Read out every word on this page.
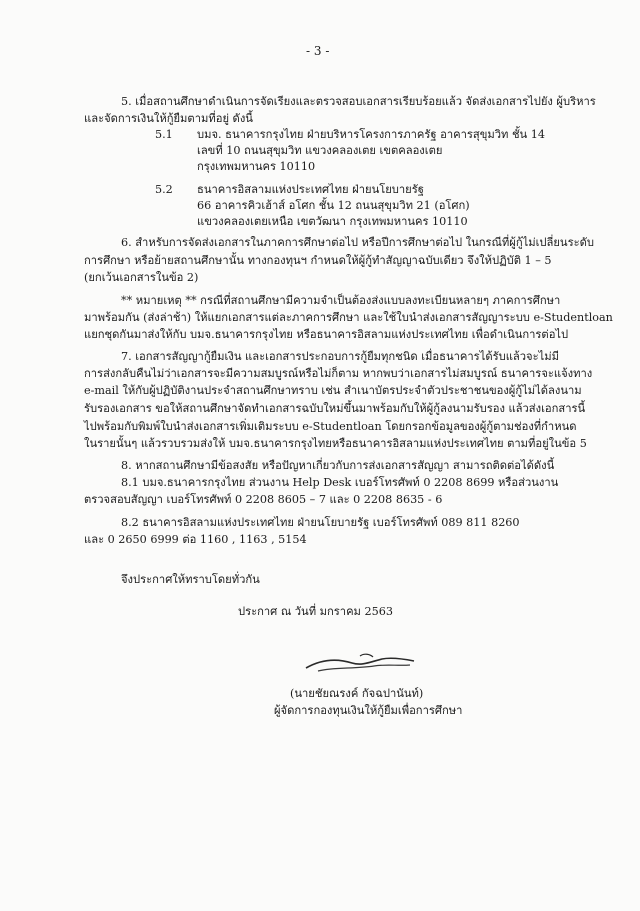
- 3 -
5. เมื่อสถานศึกษาดำเนินการจัดเรียงและตรวจสอบเอกสารเรียบร้อยแล้ว จัดส่งเอกสารไปยัง ผู้บริหาร
และจัดการเงินให้กู้ยืมตามที่อยู่ ดังนี้
5.1 บมจ. ธนาคารกรุงไทย ฝ่ายบริหารโครงการภาครัฐ อาคารสุขุมวิท ชั้น 14
เลขที่ 10 ถนนสุขุมวิท แขวงคลองเตย เขตคลองเตย
กรุงเทพมหานคร 10110
5.2 ธนาคารอิสลามแห่งประเทศไทย ฝ่ายนโยบายรัฐ
66 อาคารคิวเฮ้าส์ อโศก ชั้น 12 ถนนสุขุมวิท 21 (อโศก)
แขวงคลองเตยเหนือ เขตวัฒนา กรุงเทพมหานคร 10110
6. สำหรับการจัดส่งเอกสารในภาคการศึกษาต่อไป หรือปีการศึกษาต่อไป ในกรณีที่ผู้กู้ไม่เปลี่ยนระดับ
การศึกษา หรือย้ายสถานศึกษานั้น ทางกองทุนฯ กำหนดให้ผู้กู้ทำสัญญาฉบับเดียว จึงให้ปฏิบัติ 1 – 5
(ยกเว้นเอกสารในข้อ 2)
** หมายเหตุ ** กรณีที่สถานศึกษามีความจำเป็นต้องส่งแบบลงทะเบียนหลายๆ ภาคการศึกษา
มาพร้อมกัน (ส่งล่าช้า) ให้แยกเอกสารแต่ละภาคการศึกษา และใช้ใบนำส่งเอกสารสัญญาระบบ e-Studentloan
แยกชุดกันมาส่งให้กับ บมจ.ธนาคารกรุงไทย หรือธนาคารอิสลามแห่งประเทศไทย เพื่อดำเนินการต่อไป
7. เอกสารสัญญากู้ยืมเงิน และเอกสารประกอบการกู้ยืมทุกชนิด เมื่อธนาคารได้รับแล้วจะไม่มี
การส่งกลับคืนไม่ว่าเอกสารจะมีความสมบูรณ์หรือไม่ก็ตาม หากพบว่าเอกสารไม่สมบูรณ์ ธนาคารจะแจ้งทาง
e-mail ให้กับผู้ปฏิบัติงานประจำสถานศึกษาทราบ เช่น สำเนาบัตรประจำตัวประชาชนของผู้กู้ไม่ได้ลงนาม
รับรองเอกสาร ขอให้สถานศึกษาจัดทำเอกสารฉบับใหม่ขึ้นมาพร้อมกับให้ผู้กู้ลงนามรับรอง แล้วส่งเอกสารนี้
ไปพร้อมกับพิมพ์ใบนำส่งเอกสารเพิ่มเติมระบบ e-Studentloan โดยกรอกข้อมูลของผู้กู้ตามช่องที่กำหนด
ในรายนั้นๆ แล้วรวบรวมส่งให้ บมจ.ธนาคารกรุงไทยหรือธนาคารอิสลามแห่งประเทศไทย ตามที่อยู่ในข้อ 5
8. หากสถานศึกษามีข้อสงสัย หรือปัญหาเกี่ยวกับการส่งเอกสารสัญญา สามารถติดต่อได้ดังนี้
8.1 บมจ.ธนาคารกรุงไทย ส่วนงาน Help Desk เบอร์โทรศัพท์ 0 2208 8699 หรือส่วนงาน
ตรวจสอบสัญญา เบอร์โทรศัพท์ 0 2208 8605 – 7 และ 0 2208 8635 - 6
8.2 ธนาคารอิสลามแห่งประเทศไทย ฝ่ายนโยบายรัฐ เบอร์โทรศัพท์ 089 811 8260
และ 0 2650 6999 ต่อ 1160 , 1163 , 5154
จึงประกาศให้ทราบโดยทั่วกัน
ประกาศ ณ วันที่ มกราคม 2563
(นายชัยณรงค์ กัจฉปานันท์)
ผู้จัดการกองทุนเงินให้กู้ยืมเพื่อการศึกษา
